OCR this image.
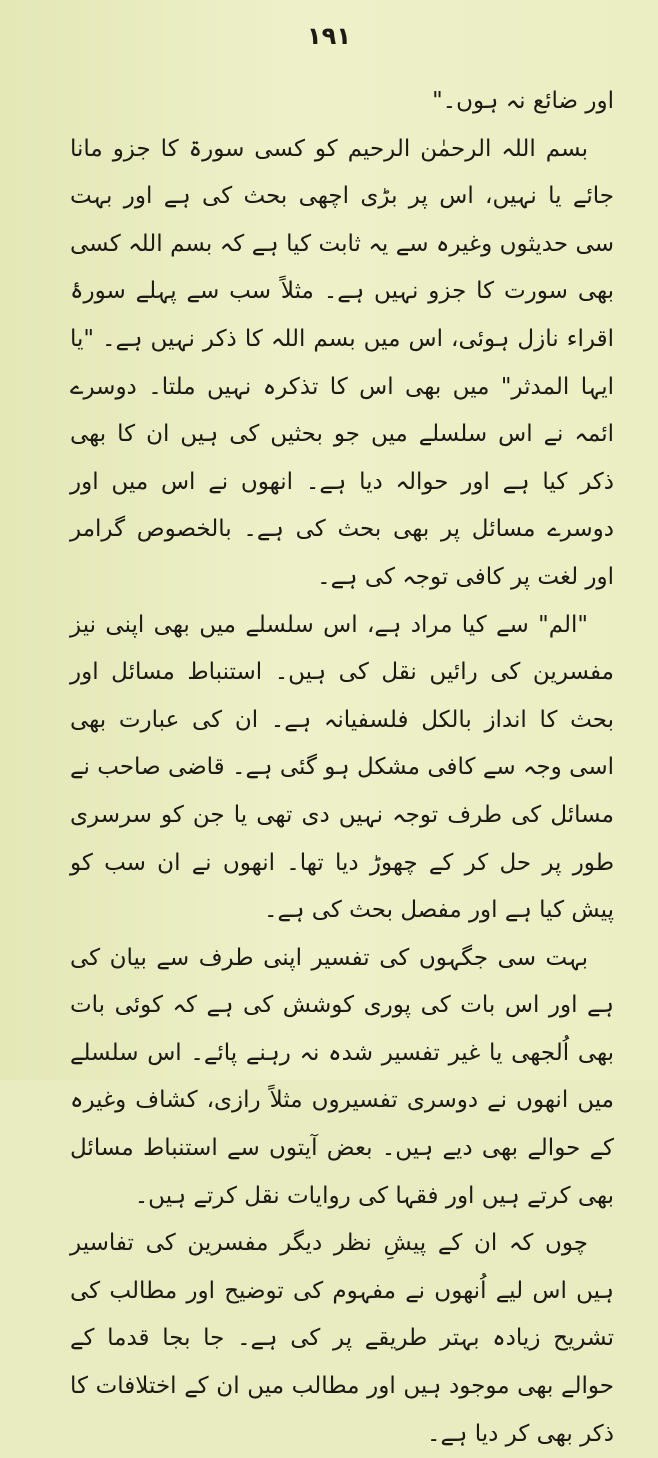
۱۹۱

اور ضائع نہ ہوں۔"

بسم اللہ الرحمٰن الرحیم کو کسی سورۃ کا جزو مانا جائے یا نہیں، اس پر بڑی اچھی بحث کی ہے اور بہت سی حدیثوں وغیرہ سے یہ ثابت کیا ہے کہ بسم اللہ کسی بھی سورت کا جزو نہیں ہے۔ مثلاً سب سے پہلے سورۂ اقراء نازل ہوئی، اس میں بسم اللہ کا ذکر نہیں ہے۔ "یا ایہا المدثر" میں بھی اس کا تذکرہ نہیں ملتا۔ دوسرے ائمہ نے اس سلسلے میں جو بحثیں کی ہیں ان کا بھی ذکر کیا ہے اور حوالہ دیا ہے۔ انھوں نے اس میں اور دوسرے مسائل پر بھی بحث کی ہے۔ بالخصوص گرامر اور لغت پر کافی توجہ کی ہے۔

"الم" سے کیا مراد ہے، اس سلسلے میں بھی اپنی نیز مفسرین کی رائیں نقل کی ہیں۔ استنباط مسائل اور بحث کا انداز بالکل فلسفیانہ ہے۔ ان کی عبارت بھی اسی وجہ سے کافی مشکل ہو گئی ہے۔ قاضی صاحب نے مسائل کی طرف توجہ نہیں دی تھی یا جن کو سرسری طور پر حل کر کے چھوڑ دیا تھا۔ انھوں نے ان سب کو پیش کیا ہے اور مفصل بحث کی ہے۔

بہت سی جگہوں کی تفسیر اپنی طرف سے بیان کی ہے اور اس بات کی پوری کوشش کی ہے کہ کوئی بات بھی اُلجھی یا غیر تفسیر شدہ نہ رہنے پائے۔ اس سلسلے میں انھوں نے دوسری تفسیروں مثلاً رازی، کشاف وغیرہ کے حوالے بھی دیے ہیں۔ بعض آیتوں سے استنباط مسائل بھی کرتے ہیں اور فقہا کی روایات نقل کرتے ہیں۔

چوں کہ ان کے پیشِ نظر دیگر مفسرین کی تفاسیر ہیں اس لیے اُنھوں نے مفہوم کی توضیح اور مطالب کی تشریح زیادہ بہتر طریقے پر کی ہے۔ جا بجا قدما کے حوالے بھی موجود ہیں اور مطالب میں ان کے اختلافات کا ذکر بھی کر دیا ہے۔
